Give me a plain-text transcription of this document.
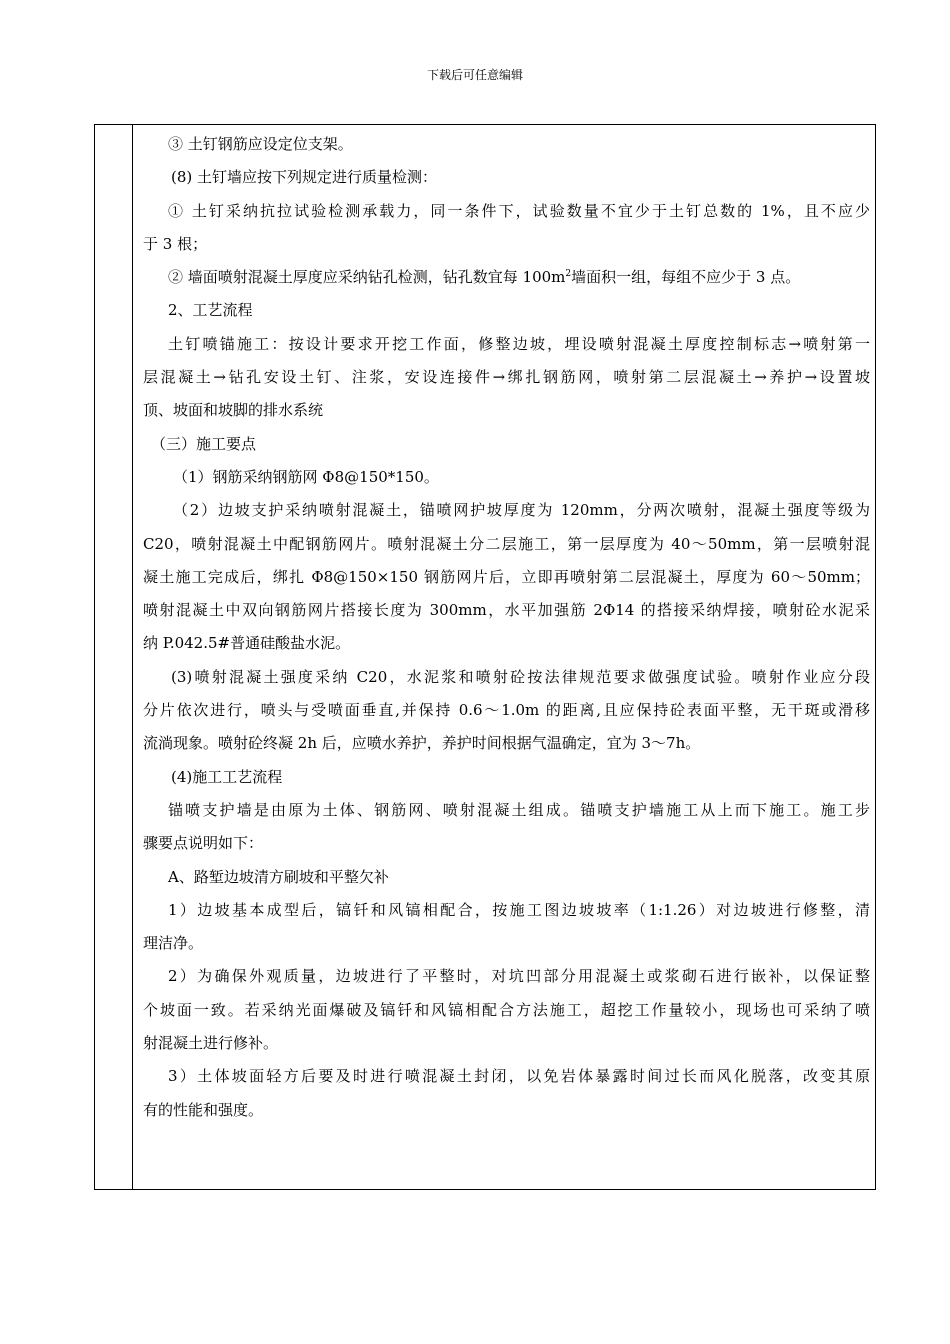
下载后可任意编辑

③ 土钉钢筋应设定位支架。

(8) 土钉墙应按下列规定进行质量检测：

① 土钉采纳抗拉试验检测承载力，同一条件下，试验数量不宜少于土钉总数的 1%，且不应少

于 3 根；

② 墙面喷射混凝土厚度应采纳钻孔检测，钻孔数宜每 $100m^2$墙面积一组，每组不应少于 3 点。

2、工艺流程

土钉喷锚施工：按设计要求开挖工作面，修整边坡，埋设喷射混凝土厚度控制标志→喷射第一

层混凝土→钻孔安设土钉、注浆，安设连接件→绑扎钢筋网，喷射第二层混凝土→养护→设置坡

顶、坡面和坡脚的排水系统

（三）施工要点

（1）钢筋采纳钢筋网 Φ8@150*150。

（2）边坡支护采纳喷射混凝土，锚喷网护坡厚度为 120mm，分两次喷射，混凝土强度等级为

C20，喷射混凝土中配钢筋网片。喷射混凝土分二层施工，第一层厚度为 40～50mm，第一层喷射混

凝土施工完成后，绑扎 Φ8@150×150 钢筋网片后，立即再喷射第二层混凝土，厚度为 60～50mm；

喷射混凝土中双向钢筋网片搭接长度为 300mm，水平加强筋 2Φ14 的搭接采纳焊接，喷射砼水泥采

纳 P.042.5#普通硅酸盐水泥。

(3)喷射混凝土强度采纳 C20，水泥浆和喷射砼按法律规范要求做强度试验。喷射作业应分段

分片依次进行，喷头与受喷面垂直,并保持 0.6～1.0m 的距离,且应保持砼表面平整，无干斑或滑移

流淌现象。喷射砼终凝 2h 后，应喷水养护，养护时间根据气温确定，宜为 3～7h。

(4)施工工艺流程

锚喷支护墙是由原为土体、钢筋网、喷射混凝土组成。锚喷支护墙施工从上而下施工。施工步

骤要点说明如下：

A、路堑边坡清方刷坡和平整欠补

1）边坡基本成型后，镐钎和风镐相配合，按施工图边坡坡率（1:1.26）对边坡进行修整，清

理洁净。

2）为确保外观质量，边坡进行了平整时，对坑凹部分用混凝土或浆砌石进行嵌补，以保证整

个坡面一致。若采纳光面爆破及镐钎和风镐相配合方法施工，超挖工作量较小，现场也可采纳了喷

射混凝土进行修补。

3）土体坡面轻方后要及时进行喷混凝土封闭，以免岩体暴露时间过长而风化脱落，改变其原

有的性能和强度。
